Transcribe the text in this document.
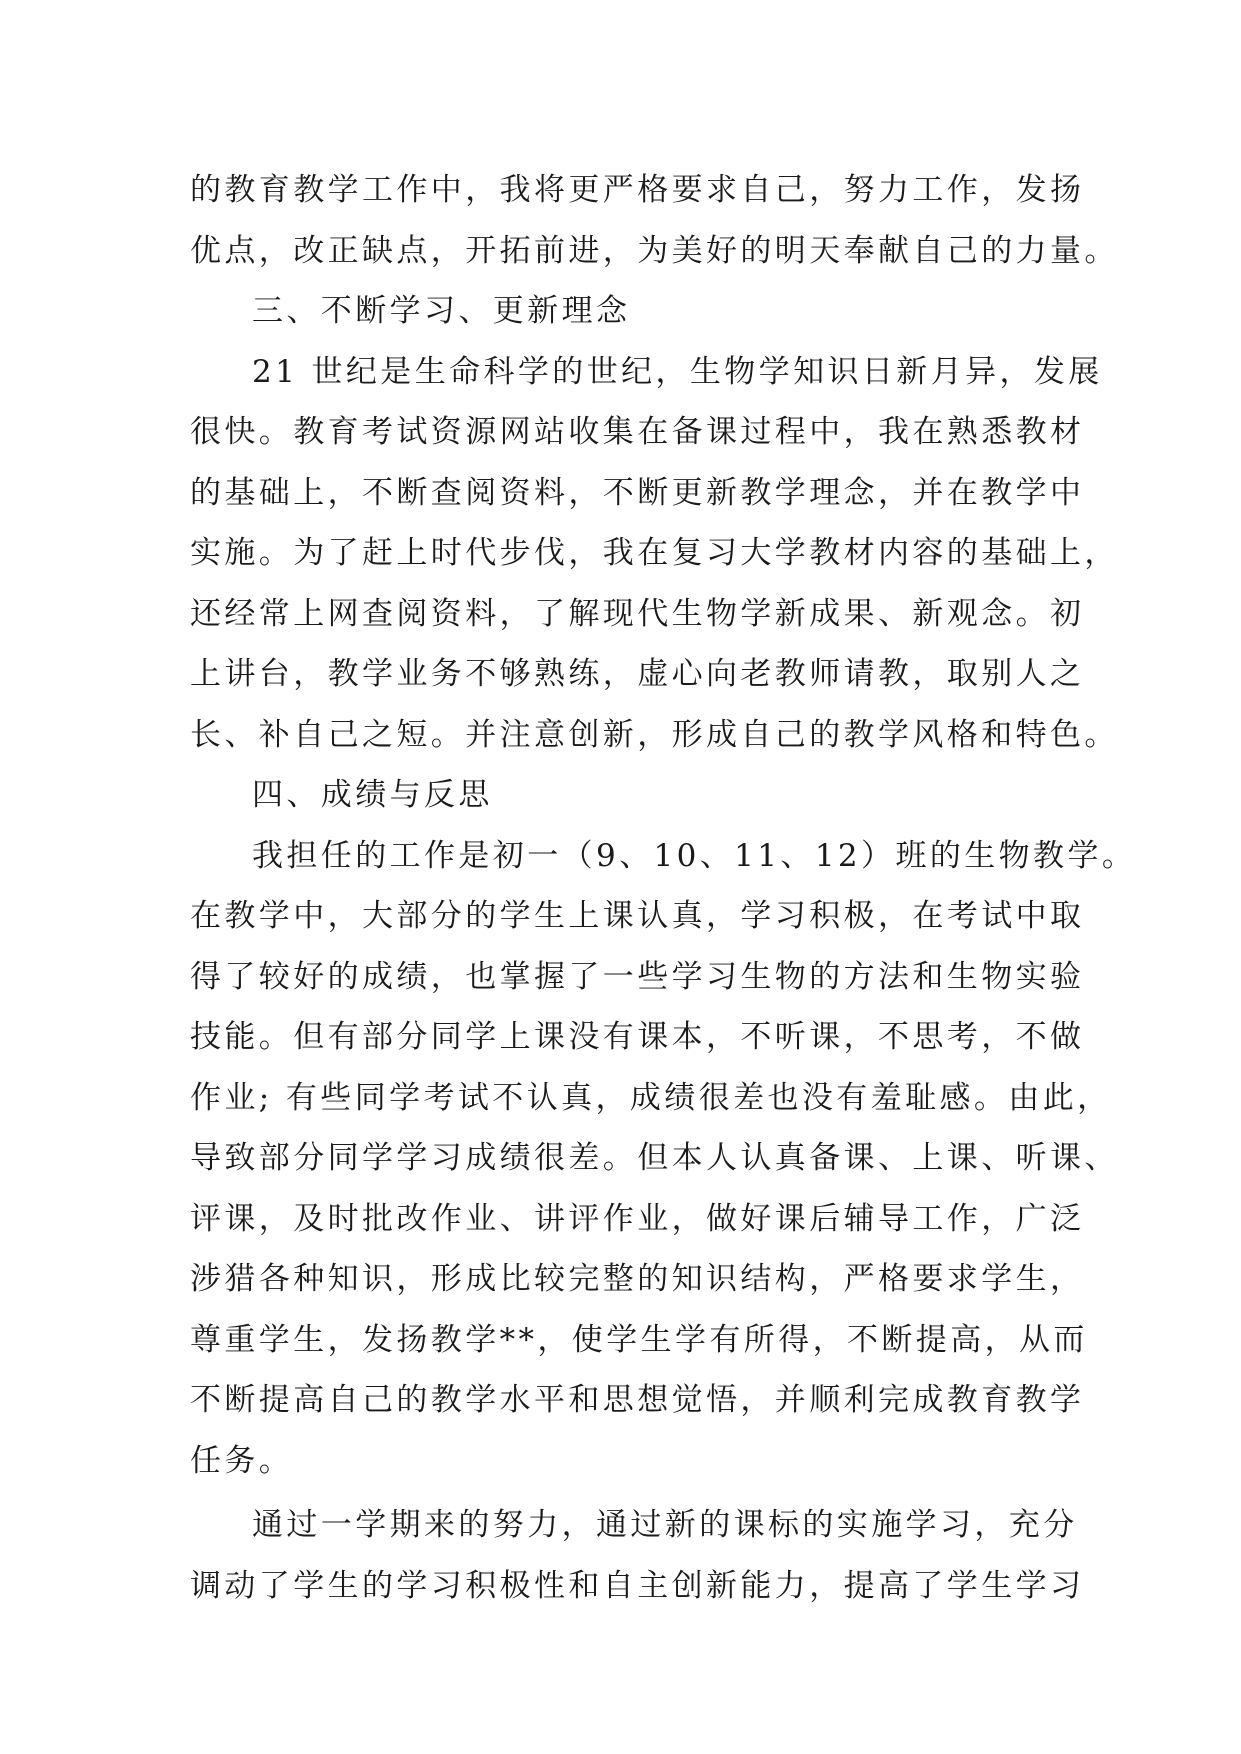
的教育教学工作中，我将更严格要求自己，努力工作，发扬
优点，改正缺点，开拓前进，为美好的明天奉献自己的力量。
三、不断学习、更新理念
21 世纪是生命科学的世纪，生物学知识日新月异，发展
很快。教育考试资源网站收集在备课过程中，我在熟悉教材
的基础上，不断查阅资料，不断更新教学理念，并在教学中
实施。为了赶上时代步伐，我在复习大学教材内容的基础上，
还经常上网查阅资料，了解现代生物学新成果、新观念。初
上讲台，教学业务不够熟练，虚心向老教师请教，取别人之
长、补自己之短。并注意创新，形成自己的教学风格和特色。
四、成绩与反思
我担任的工作是初一（9、10、11、12）班的生物教学。
在教学中，大部分的学生上课认真，学习积极，在考试中取
得了较好的成绩，也掌握了一些学习生物的方法和生物实验
技能。但有部分同学上课没有课本，不听课，不思考，不做
作业; 有些同学考试不认真，成绩很差也没有羞耻感。由此，
导致部分同学学习成绩很差。但本人认真备课、上课、听课、
评课，及时批改作业、讲评作业，做好课后辅导工作，广泛
涉猎各种知识，形成比较完整的知识结构，严格要求学生，
尊重学生，发扬教学**，使学生学有所得，不断提高，从而
不断提高自己的教学水平和思想觉悟，并顺利完成教育教学
任务。
通过一学期来的努力，通过新的课标的实施学习，充分
调动了学生的学习积极性和自主创新能力，提高了学生学习
